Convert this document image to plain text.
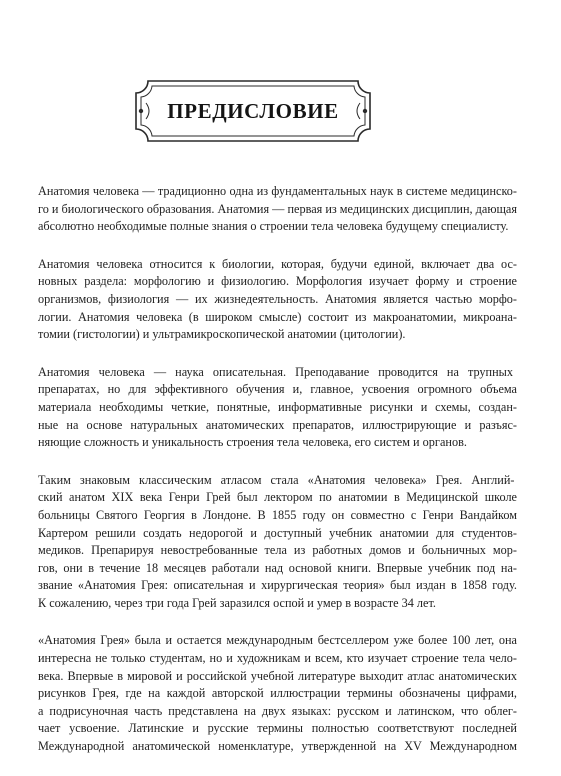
ПРЕДИСЛОВИЕ
Анатомия человека — традиционно одна из фундаментальных наук в системе медицинско-
го и биологического образования. Анатомия — первая из медицинских дисциплин, дающая
абсолютно необходимые полные знания о строении тела человека будущему специалисту.
Анатомия человека относится к биологии, которая, будучи единой, включает два ос-
новных раздела: морфологию и физиологию. Морфология изучает форму и строение
организмов, физиология — их жизнедеятельность. Анатомия является частью морфо-
логии. Анатомия человека (в широком смысле) состоит из макроанатомии, микроана-
томии (гистологии) и ультрамикроскопической анатомии (цитологии).
Анатомия человека — наука описательная. Преподавание проводится на трупных
препаратах, но для эффективного обучения и, главное, усвоения огромного объема
материала необходимы четкие, понятные, информативные рисунки и схемы, создан-
ные на основе натуральных анатомических препаратов, иллюстрирующие и разъяс-
няющие сложность и уникальность строения тела человека, его систем и органов.
Таким знаковым классическим атласом стала «Анатомия человека» Грея. Англий-
ский анатом XIX века Генри Грей был лектором по анатомии в Медицинской школе
больницы Святого Георгия в Лондоне. В 1855 году он совместно с Генри Вандайком
Картером решили создать недорогой и доступный учебник анатомии для студентов-
медиков. Препарируя невостребованные тела из работных домов и больничных мор-
гов, они в течение 18 месяцев работали над основой книги. Впервые учебник под на-
звание «Анатомия Грея: описательная и хирургическая теория» был издан в 1858 году.
К сожалению, через три года Грей заразился оспой и умер в возрасте 34 лет.
«Анатомия Грея» была и остается международным бестселлером уже более 100 лет, она
интересна не только студентам, но и художникам и всем, кто изучает строение тела чело-
века. Впервые в мировой и российской учебной литературе выходит атлас анатомических
рисунков Грея, где на каждой авторской иллюстрации термины обозначены цифрами,
а подрисуночная часть представлена на двух языках: русском и латинском, что облег-
чает усвоение. Латинские и русские термины полностью соответствуют последней
Международной анатомической номенклатуре, утвержденной на XV Международном
